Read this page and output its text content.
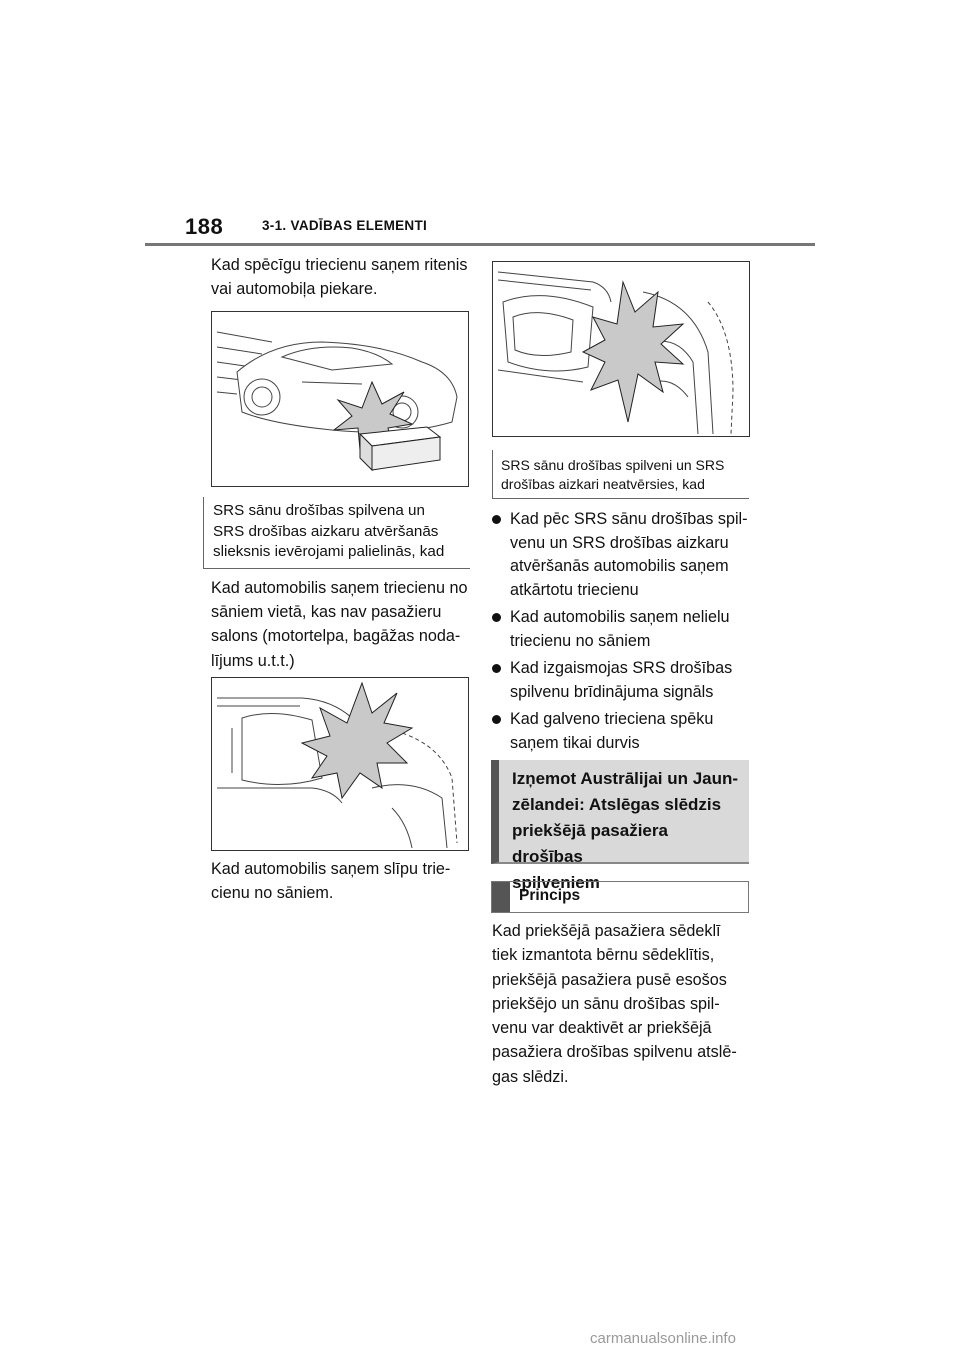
188	3-1. VADĪBAS ELEMENTI
Kad spēcīgu triecienu saņem ritenis
vai automobiļa piekare.
SRS sānu drošības spilvena un
SRS drošības aizkaru atvēršanās
slieksnis ievērojami palielinās, kad
Kad automobilis saņem triecienu no
sāniem vietā, kas nav pasažieru
salons (motortelpa, bagāžas noda-
lījums u.t.t.)
Kad automobilis saņem slīpu trie-
cienu no sāniem.
SRS sānu drošības spilveni un SRS
drošības aizkari neatvērsies, kad
Kad pēc SRS sānu drošības spil-
venu un SRS drošības aizkaru
atvēršanās automobilis saņem
atkārtotu triecienu
Kad automobilis saņem nelielu
triecienu no sāniem
Kad izgaismojas SRS drošības
spilvenu brīdinājuma signāls
Kad galveno trieciena spēku
saņem tikai durvis
Izņemot Austrālijai un Jaun-
zēlandei: Atslēgas slēdzis
priekšējā pasažiera drošības
spilveniem
Princips
Kad priekšējā pasažiera sēdeklī
tiek izmantota bērnu sēdeklītis,
priekšējā pasažiera pusē esošos
priekšējo un sānu drošības spil-
venu var deaktivēt ar priekšējā
pasažiera drošības spilvenu atslē-
gas slēdzi.
carmanualsonline.info
